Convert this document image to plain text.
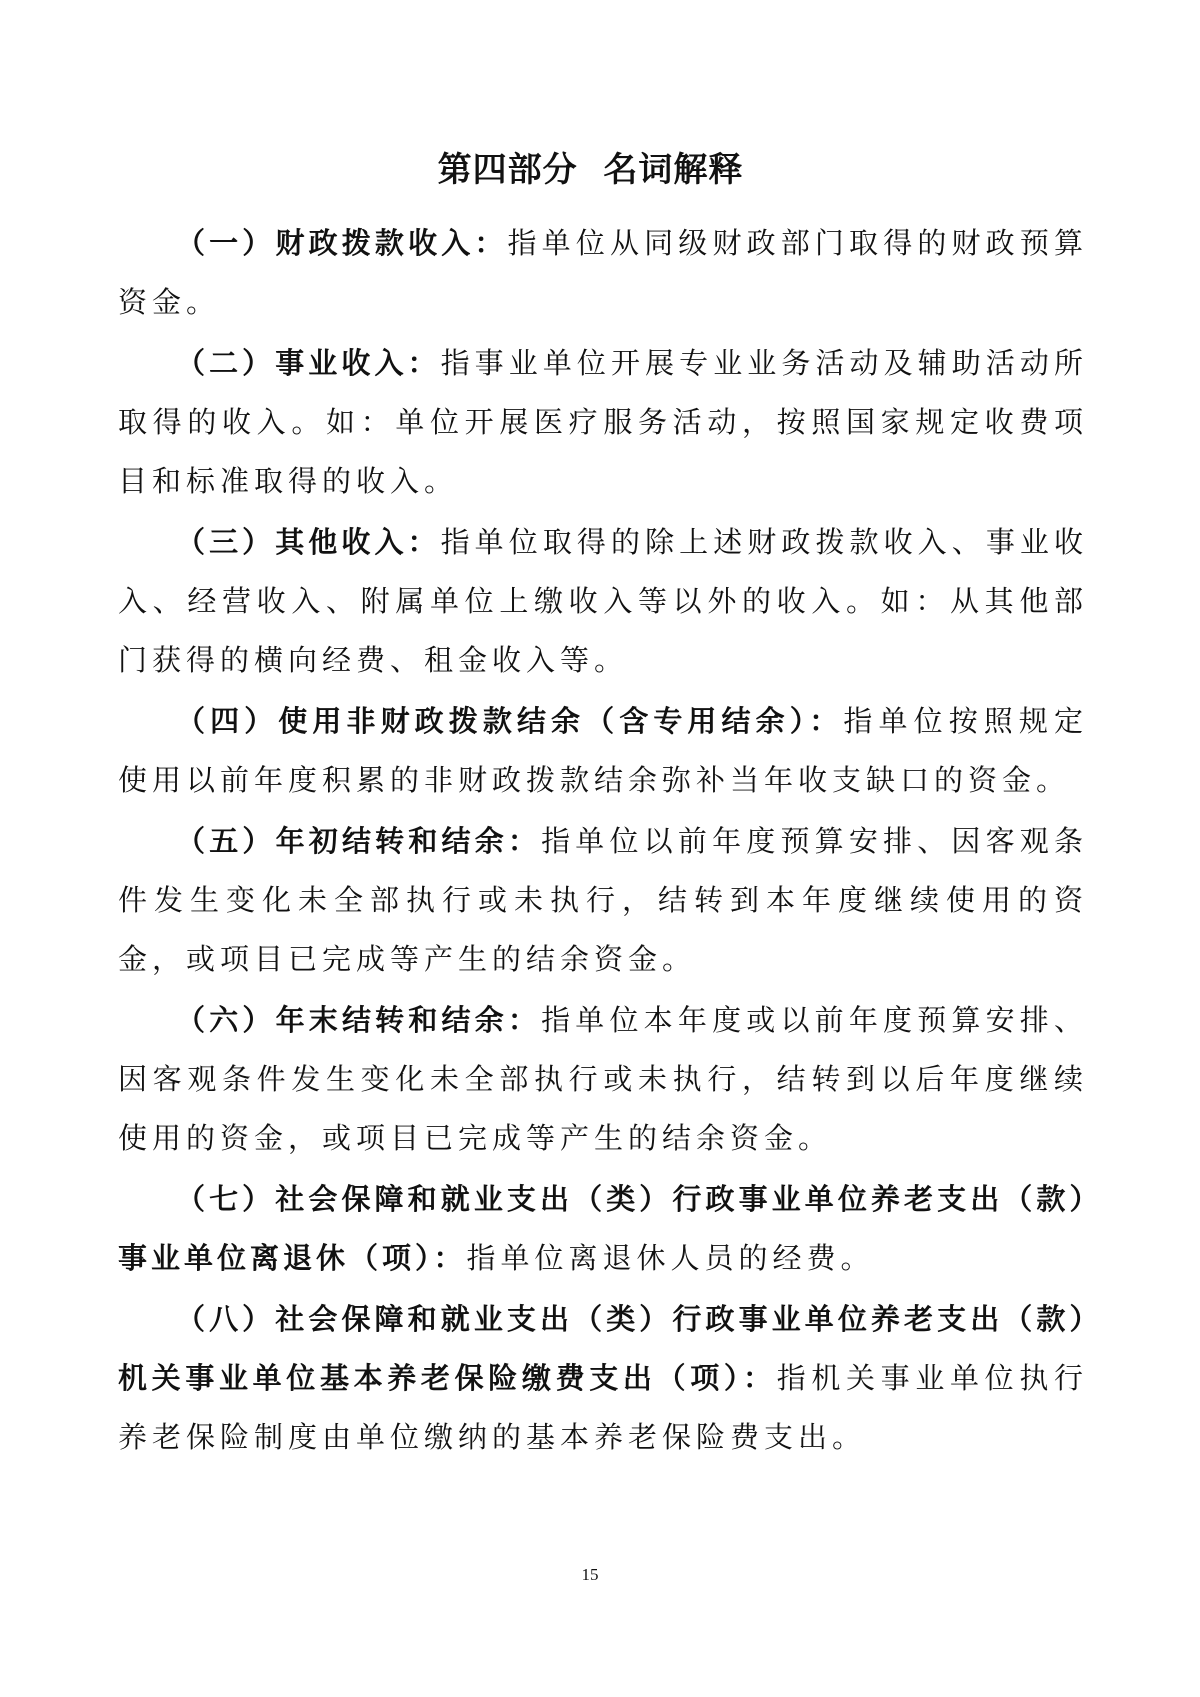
第四部分  名词解释

（一）财政拨款收入：指单位从同级财政部门取得的财政预算资金。

（二）事业收入：指事业单位开展专业业务活动及辅助活动所取得的收入。如：单位开展医疗服务活动，按照国家规定收费项目和标准取得的收入。

（三）其他收入：指单位取得的除上述财政拨款收入、事业收入、经营收入、附属单位上缴收入等以外的收入。如：从其他部门获得的横向经费、租金收入等。

（四）使用非财政拨款结余（含专用结余）：指单位按照规定使用以前年度积累的非财政拨款结余弥补当年收支缺口的资金。

（五）年初结转和结余：指单位以前年度预算安排、因客观条件发生变化未全部执行或未执行，结转到本年度继续使用的资金，或项目已完成等产生的结余资金。

（六）年末结转和结余：指单位本年度或以前年度预算安排、因客观条件发生变化未全部执行或未执行，结转到以后年度继续使用的资金，或项目已完成等产生的结余资金。

（七）社会保障和就业支出（类）行政事业单位养老支出（款）事业单位离退休（项）：指单位离退休人员的经费。

（八）社会保障和就业支出（类）行政事业单位养老支出（款）机关事业单位基本养老保险缴费支出（项）：指机关事业单位执行养老保险制度由单位缴纳的基本养老保险费支出。

15
